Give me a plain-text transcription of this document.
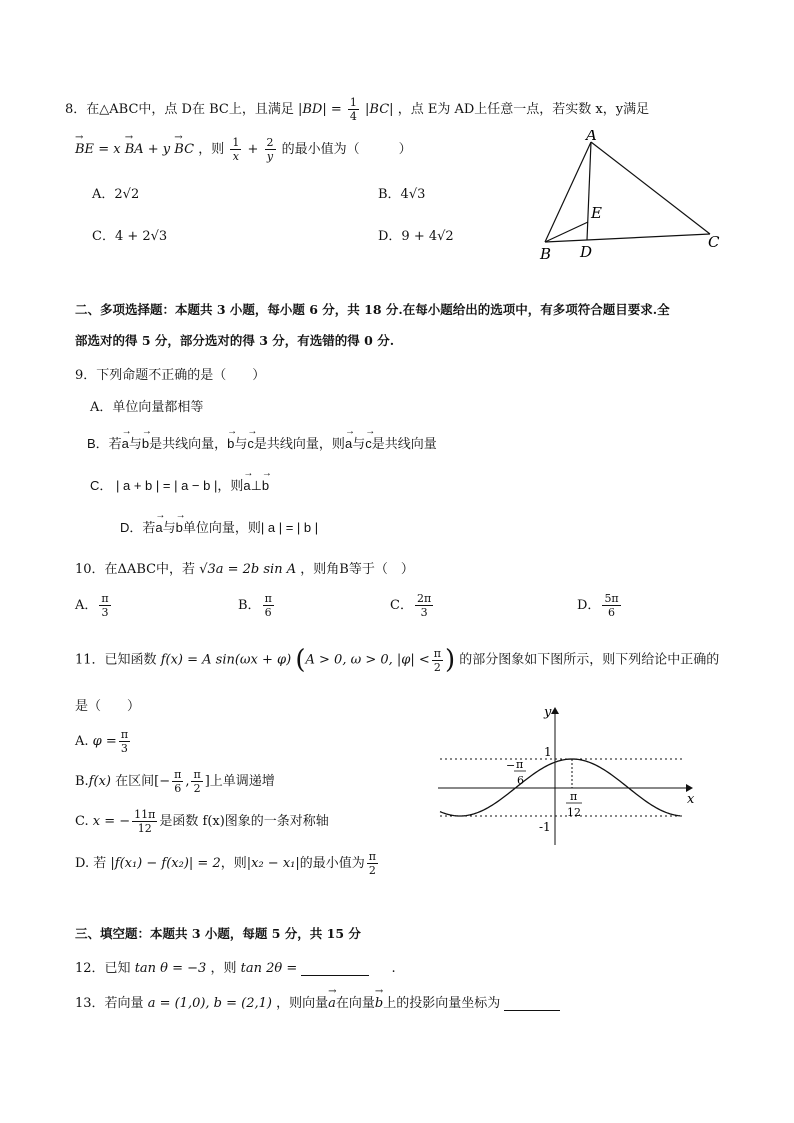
8．在△ABC中，点 D在 BC上，且满足 $|BD| = \frac{1}{4} |BC|$ ，点 E为 AD上任意一点，若实数 x，y满足
→ BE = x → BA + y → BC ，则 $\frac{1}{x} + \frac{2}{y}$ 的最小值为（　　　）
A．2√2	B．4√3
C．4 + 2√3	D．9 + 4√2
A
B
C
D
E
二、多项选择题：本题共 3 小题，每小题 6 分，共 18 分.在每小题给出的选项中，有多项符合题目要求.全
部选对的得 5 分，部分选对的得 3 分，有选错的得 0 分.
9．下列命题不正确的是（　　）
A．单位向量都相等
B．若→ a与→ b是共线向量，→ b与→ c是共线向量，则→ a与→ c是共线向量
C． | a + b | = | a − b |，则→ a⊥→ b
D．若→ a与→ b单位向量，则| a | = | b |
10．在ΔABC中，若 √3a = 2b sin A ，则角B等于（　）
A． $\frac{\pi}{3}$	B． $\frac{\pi}{6}$	C． $\frac{2\pi}{3}$	D． $\frac{5\pi}{6}$
11．已知函数 f(x) = A sin(ωx + φ) (A > 0, ω > 0, $|\varphi| < \frac{\pi}{2}$ ) 的部分图象如下图所示，则下列给论中正确的
是（　　）
A. $\varphi = \frac{\pi}{3}$
B.f(x) 在区间[− $\frac{\pi}{6}$ , $\frac{\pi}{2}$ ]上单调递增
C. x = − $\frac{11\pi}{12}$ 是函数 f(x)图象的一条对称轴
D. 若 |f(x₁) − f(x₂)| = 2，则|x₂ − x₁|的最小值为 $\frac{\pi}{2}$
y
x
1
-1
− π
6
π
12
三、填空题：本题共 3 小题，每题 5 分，共 15 分
12．已知 tan θ = −3 ，则 tan 2θ =	.
13．若向量 a = (1,0), b = (2,1) ，则向量→ a在向量→ b上的投影向量坐标为
